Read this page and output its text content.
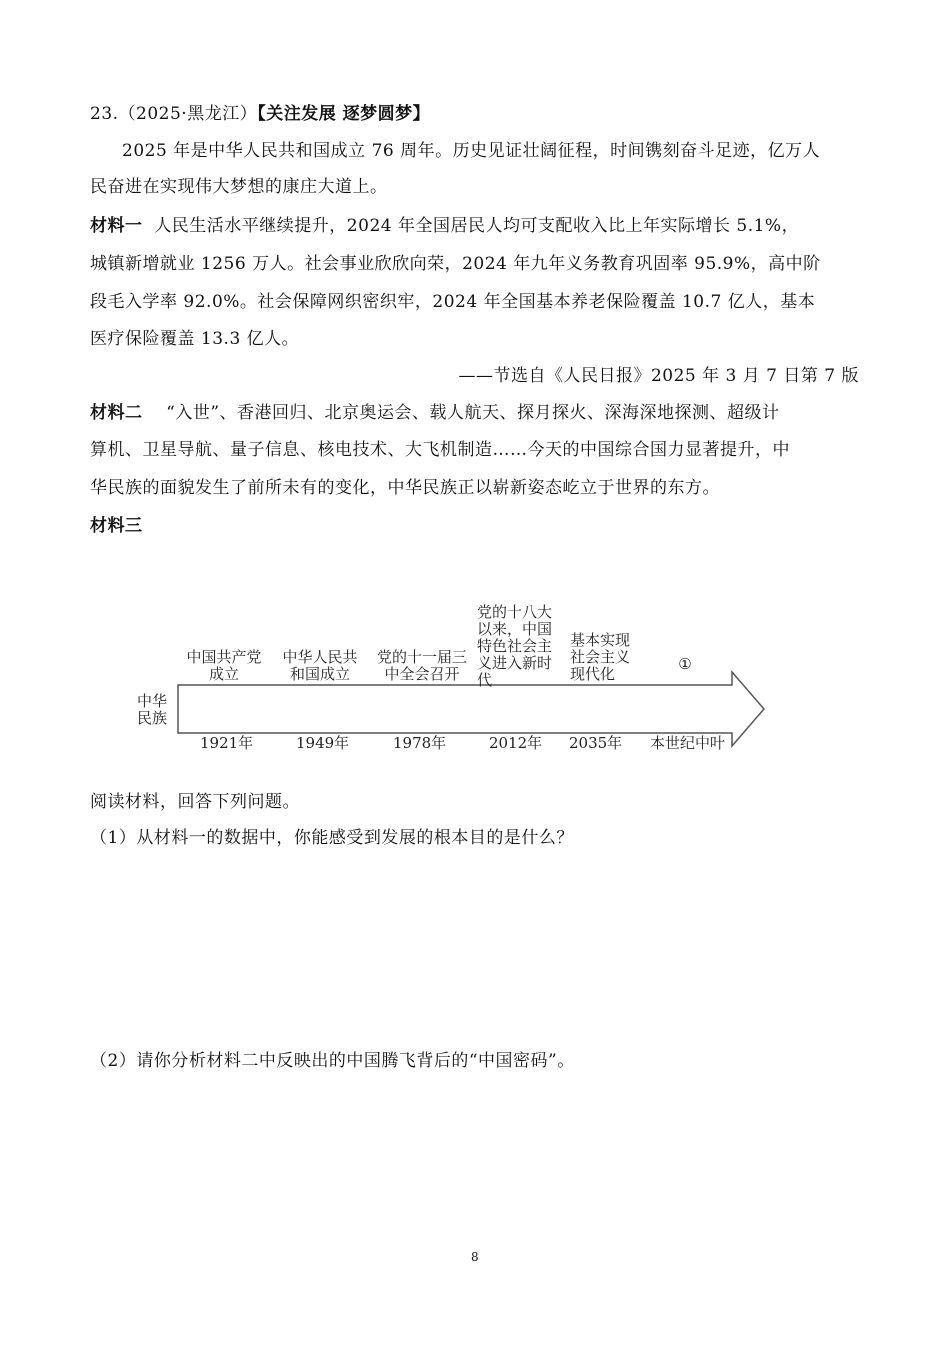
23.（2025·黑龙江）【关注发展 逐梦圆梦】
2025 年是中华人民共和国成立 76 周年。历史见证壮阔征程，时间镌刻奋斗足迹，亿万人
民奋进在实现伟大梦想的康庄大道上。
材料一 人民生活水平继续提升，2024 年全国居民人均可支配收入比上年实际增长 5.1%，
城镇新增就业 1256 万人。社会事业欣欣向荣，2024 年九年义务教育巩固率 95.9%，高中阶
段毛入学率 92.0%。社会保障网织密织牢，2024 年全国基本养老保险覆盖 10.7 亿人，基本
医疗保险覆盖 13.3 亿人。
——节选自《人民日报》2025 年 3 月 7 日第 7 版
材料二 “入世”、香港回归、北京奥运会、载人航天、探月探火、深海深地探测、超级计
算机、卫星导航、量子信息、核电技术、大飞机制造……今天的中国综合国力显著提升，中
华民族的面貌发生了前所未有的变化，中华民族正以崭新姿态屹立于世界的东方。
材料三
中华
民族
中国共产党
成立
1921年
中华人民共
和国成立
1949年
党的十一届三
中全会召开
1978年
党的十八大
以来，中国
特色社会主
义进入新时
代
2012年
基本实现
社会主义
现代化
2035年
①
本世纪中叶
阅读材料，回答下列问题。
（1）从材料一的数据中，你能感受到发展的根本目的是什么？
（2）请你分析材料二中反映出的中国腾飞背后的“中国密码”。
8
